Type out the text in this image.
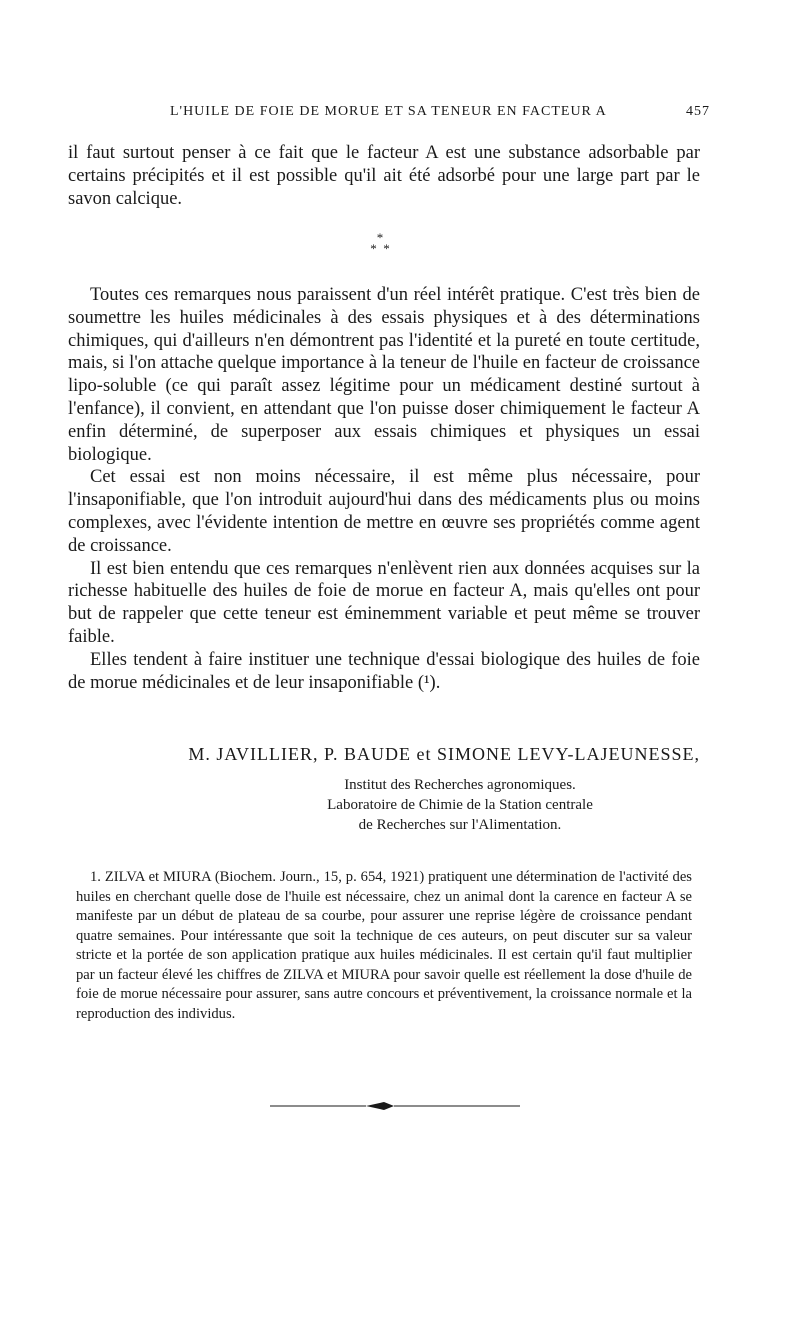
L'HUILE DE FOIE DE MORUE ET SA TENEUR EN FACTEUR A	457

il faut surtout penser à ce fait que le facteur A est une substance adsorbable par certains précipités et il est possible qu'il ait été adsorbé pour une large part par le savon calcique.

*
*  *

Toutes ces remarques nous paraissent d'un réel intérêt pratique. C'est très bien de soumettre les huiles médicinales à des essais physiques et à des déterminations chimiques, qui d'ailleurs n'en démontrent pas l'identité et la pureté en toute certitude, mais, si l'on attache quelque importance à la teneur de l'huile en facteur de croissance lipo-soluble (ce qui paraît assez légitime pour un médicament destiné surtout à l'enfance), il convient, en attendant que l'on puisse doser chimiquement le facteur A enfin déterminé, de superposer aux essais chimiques et physiques un essai biologique.

Cet essai est non moins nécessaire, il est même plus nécessaire, pour l'insaponifiable, que l'on introduit aujourd'hui dans des médicaments plus ou moins complexes, avec l'évidente intention de mettre en œuvre ses propriétés comme agent de croissance.

Il est bien entendu que ces remarques n'enlèvent rien aux données acquises sur la richesse habituelle des huiles de foie de morue en facteur A, mais qu'elles ont pour but de rappeler que cette teneur est éminemment variable et peut même se trouver faible.

Elles tendent à faire instituer une technique d'essai biologique des huiles de foie de morue médicinales et de leur insaponifiable (¹).

M. JAVILLIER, P. BAUDE et SIMONE LEVY-LAJEUNESSE,
Institut des Recherches agronomiques.
Laboratoire de Chimie de la Station centrale
de Recherches sur l'Alimentation.

1. ZILVA et MIURA (Biochem. Journ., 15, p. 654, 1921) pratiquent une détermination de l'activité des huiles en cherchant quelle dose de l'huile est nécessaire, chez un animal dont la carence en facteur A se manifeste par un début de plateau de sa courbe, pour assurer une reprise légère de croissance pendant quatre semaines. Pour intéressante que soit la technique de ces auteurs, on peut discuter sur sa valeur stricte et la portée de son application pratique aux huiles médicinales. Il est certain qu'il faut multiplier par un facteur élevé les chiffres de ZILVA et MIURA pour savoir quelle est réellement la dose d'huile de foie de morue nécessaire pour assurer, sans autre concours et préventivement, la croissance normale et la reproduction des individus.
